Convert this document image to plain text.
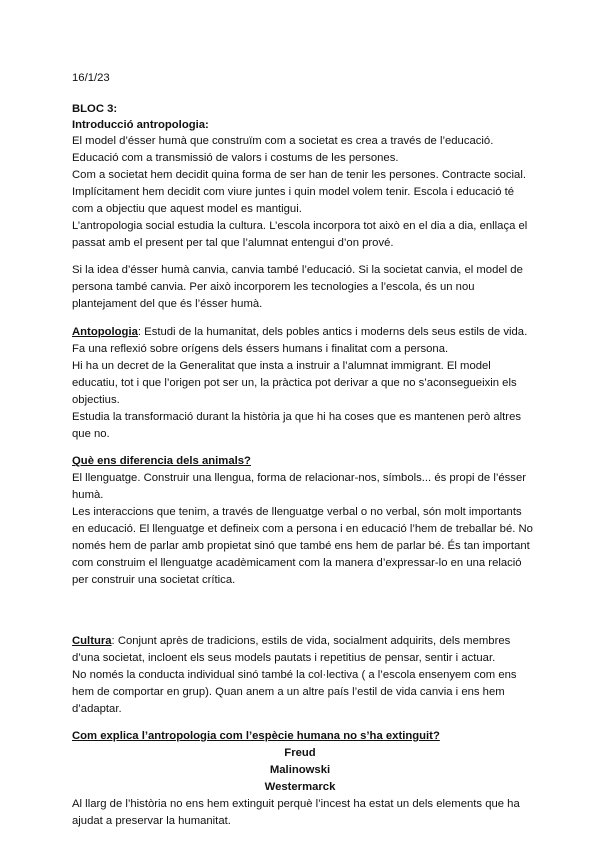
16/1/23
BLOC 3:
Introducció antropologia:
El model d’ésser humà que construïm com a societat es crea a través de l’educació.
Educació com a transmissió de valors i costums de les persones.
Com a societat hem decidit quina forma de ser han de tenir les persones. Contracte social.
Implícitament hem decidit com viure juntes i quin model volem tenir. Escola i educació té
com a objectiu que aquest model es mantigui.
L’antropologia social estudia la cultura. L’escola incorpora tot això en el dia a dia, enllaça el
passat amb el present per tal que l’alumnat entengui d’on prové.
Si la idea d’ésser humà canvia, canvia també l’educació. Si la societat canvia, el model de
persona també canvia. Per això incorporem les tecnologies a l’escola, és un nou
plantejament del que és l’ésser humà.
Antopologia: Estudi de la humanitat, dels pobles antics i moderns dels seus estils de vida.
Fa una reflexió sobre orígens dels éssers humans i finalitat com a persona.
Hi ha un decret de la Generalitat que insta a instruir a l’alumnat immigrant. El model
educatiu, tot i que l’origen pot ser un, la pràctica pot derivar a que no s’aconsegueixin els
objectius.
Estudia la transformació durant la història ja que hi ha coses que es mantenen però altres
que no.
Què ens diferencia dels animals?
El llenguatge. Construir una llengua, forma de relacionar-nos, símbols... és propi de l’ésser
humà.
Les interaccions que tenim, a través de llenguatge verbal o no verbal, són molt importants
en educació. El llenguatge et defineix com a persona i en educació l’hem de treballar bé. No
només hem de parlar amb propietat sinó que també ens hem de parlar bé. És tan important
com construim el llenguatge acadèmicament com la manera d’expressar-lo en una relació
per construir una societat crítica.
Cultura: Conjunt après de tradicions, estils de vida, socialment adquirits, dels membres
d’una societat, incloent els seus models pautats i repetitius de pensar, sentir i actuar.
No només la conducta individual sinó també la col·lectiva ( a l’escola ensenyem com ens
hem de comportar en grup). Quan anem a un altre país l’estil de vida canvia i ens hem
d’adaptar.
Com explica l’antropologia com l’espècie humana no s’ha extinguit?
Freud
Malinowski
Westermarck
Al llarg de l’història no ens hem extinguit perquè l’incest ha estat un dels elements que ha
ajudat a preservar la humanitat.
